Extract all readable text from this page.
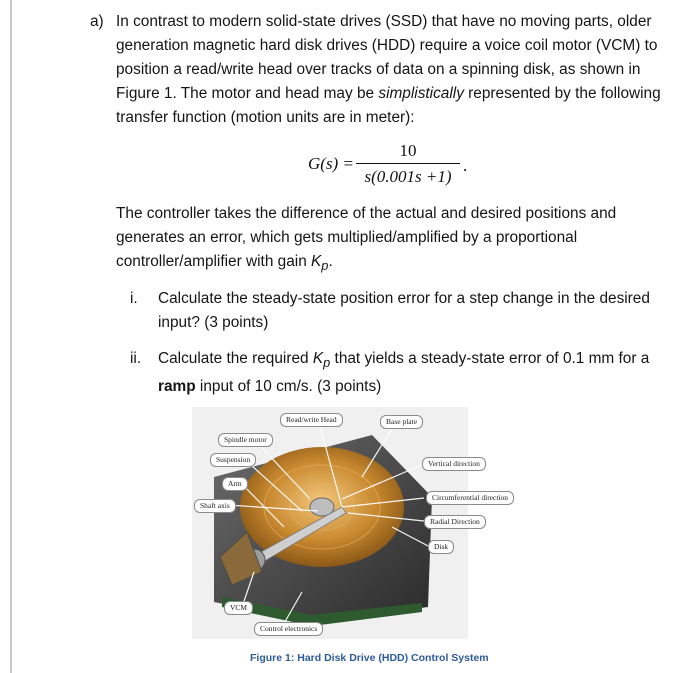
a) In contrast to modern solid-state drives (SSD) that have no moving parts, older generation magnetic hard disk drives (HDD) require a voice coil motor (VCM) to position a read/write head over tracks of data on a spinning disk, as shown in Figure 1. The motor and head may be simplistically represented by the following transfer function (motion units are in meter):
G(s) =
10
s(0.001s +1)
.
The controller takes the difference of the actual and desired positions and generates an error, which gets multiplied/amplified by a proportional controller/amplifier with gain $K_p$.
i. Calculate the steady-state position error for a step change in the desired input? (3 points)
ii. Calculate the required $K_p$ that yields a steady-state error of 0.1 mm for a ramp input of 10 cm/s. (3 points)
Read/write Head	Base plate
Spindle motor
Suspension
Arm
Shaft axis
Vertical direction
Circumferential direction
Radial Direction
Disk
VCM
Control electronics
Figure 1: Hard Disk Drive (HDD) Control System
